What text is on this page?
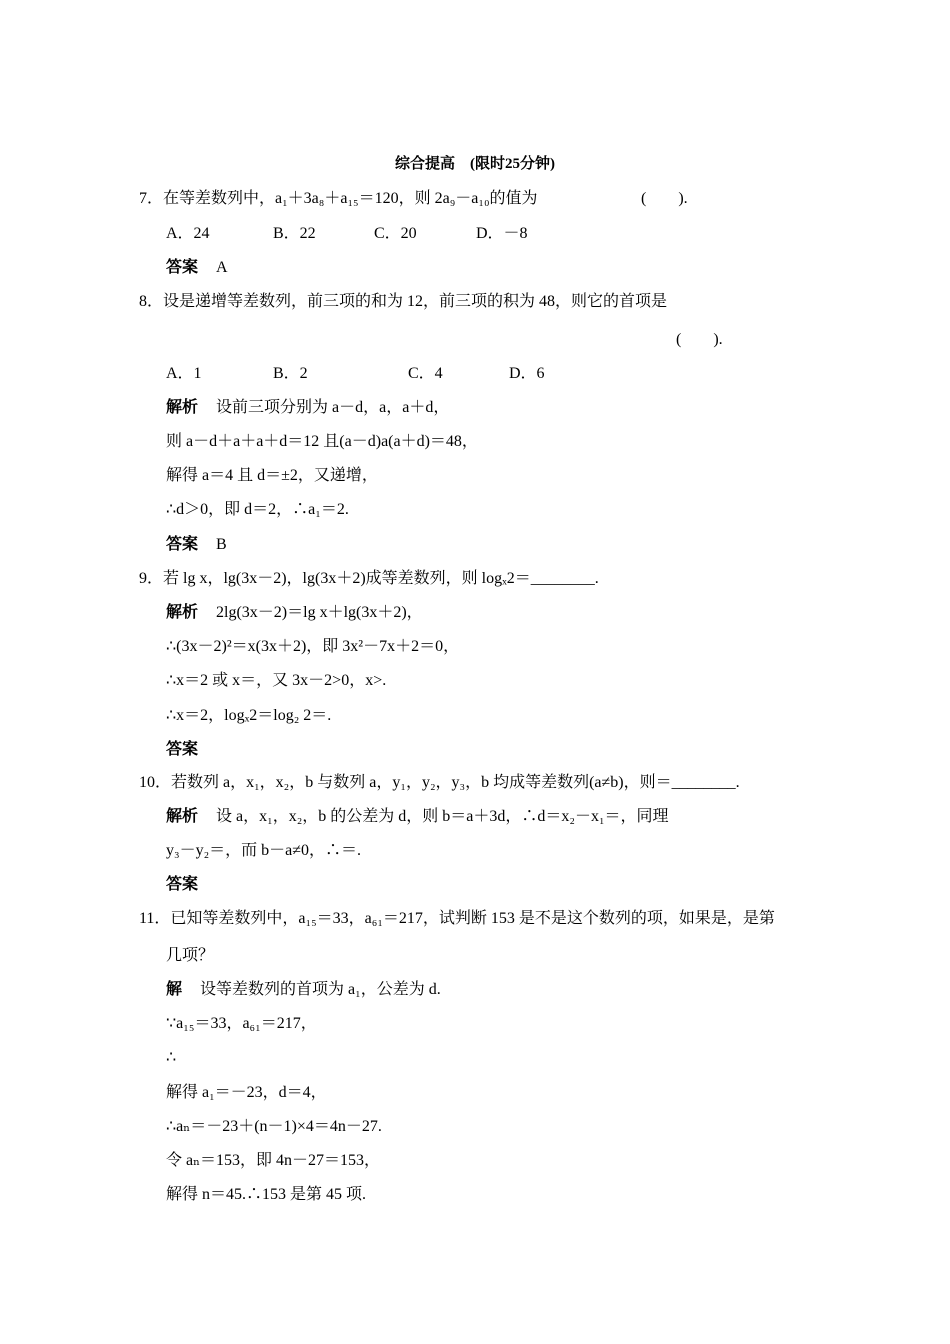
综合提高　(限时25分钟)
7．在等差数列中，a₁＋3a₈＋a₁₅＝120，则 2a₉－a₁₀的值为	(　　).
A．24	B．22	C．20	D．－8
答案 A
8．设是递增等差数列，前三项的和为 12，前三项的积为 48，则它的首项是
(　　).
A．1	B．2	C．4	D．6
解析 设前三项分别为 a－d，a，a＋d，
则 a－d＋a＋a＋d＝12 且(a－d)a(a＋d)＝48，
解得 a＝4 且 d＝±2，又递增，
∴d＞0，即 d＝2，∴a₁＝2.
答案 B
9．若 lg x，lg(3x－2)，lg(3x＋2)成等差数列，则 logₓ2＝________.
解析 2lg(3x－2)＝lg x＋lg(3x＋2)，
∴(3x－2)²＝x(3x＋2)，即 3x²－7x＋2＝0，
∴x＝2 或 x＝，又 3x－2>0，x>.
∴x＝2，logₓ2＝log₂ 2＝.
答案
10．若数列 a，x₁，x₂，b 与数列 a，y₁，y₂，y₃，b 均成等差数列(a≠b)，则＝________.
解析 设 a，x₁，x₂，b 的公差为 d，则 b＝a＋3d，∴d＝x₂－x₁＝，同理
y₃－y₂＝，而 b－a≠0，∴＝.
答案
11．已知等差数列中，a₁₅＝33，a₆₁＝217，试判断 153 是不是这个数列的项，如果是，是第
几项？
解 设等差数列的首项为 a₁，公差为 d.
∵a₁₅＝33，a₆₁＝217，
∴
解得 a₁＝－23，d＝4，
∴aₙ＝－23＋(n－1)×4＝4n－27.
令 aₙ＝153，即 4n－27＝153，
解得 n＝45.∴153 是第 45 项.
